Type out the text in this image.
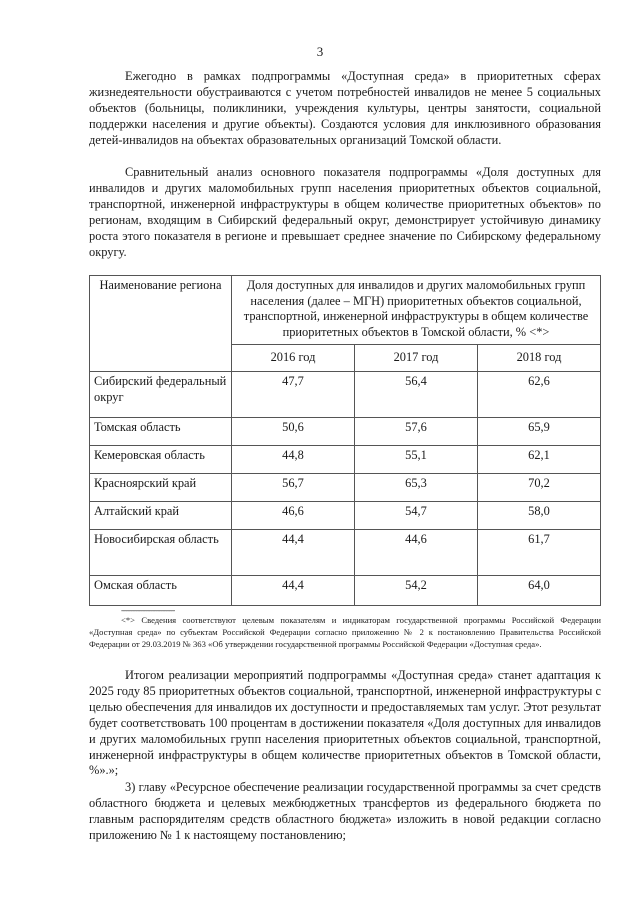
3

Ежегодно в рамках подпрограммы «Доступная среда» в приоритетных сферах жизнедеятельности обустраиваются с учетом потребностей инвалидов не менее 5 социальных объектов (больницы, поликлиники, учреждения культуры, центры занятости, социальной поддержки населения и другие объекты). Создаются условия для инклюзивного образования детей-инвалидов на объектах образовательных организаций Томской области.

Сравнительный анализ основного показателя подпрограммы «Доля доступных для инвалидов и других маломобильных групп населения приоритетных объектов социальной, транспортной, инженерной инфраструктуры в общем количестве приоритетных объектов» по регионам, входящим в Сибирский федеральный округ, демонстрирует устойчивую динамику роста этого показателя в регионе и превышает среднее значение по Сибирскому федеральному округу.

Наименование региона	Доля доступных для инвалидов и других маломобильных групп населения (далее – МГН) приоритетных объектов социальной, транспортной, инженерной инфраструктуры в общем количестве приоритетных объектов в Томской области, % <*>		
	2016 год	2017 год	2018 год
Сибирский федеральный округ	47,7	56,4	62,6
Томская область	50,6	57,6	65,9
Кемеровская область	44,8	55,1	62,1
Красноярский край	56,7	65,3	70,2
Алтайский край	46,6	54,7	58,0
Новосибирская область	44,4	44,6	61,7
Омская область	44,4	54,2	64,0
--------------------------------

<*> Сведения соответствуют целевым показателям и индикаторам государственной программы Российской Федерации «Доступная среда» по субъектам Российской Федерации согласно приложению № 2 к постановлению Правительства Российской Федерации от 29.03.2019 № 363 «Об утверждении государственной программы Российской Федерации «Доступная среда».

Итогом реализации мероприятий подпрограммы «Доступная среда» станет адаптация к 2025 году 85 приоритетных объектов социальной, транспортной, инженерной инфраструктуры с целью обеспечения для инвалидов их доступности и предоставляемых там услуг. Этот результат будет соответствовать 100 процентам в достижении показателя «Доля доступных для инвалидов и других маломобильных групп населения приоритетных объектов социальной, транспортной, инженерной инфраструктуры в общем количестве приоритетных объектов в Томской области, %».»;

3) главу «Ресурсное обеспечение реализации государственной программы за счет средств областного бюджета и целевых межбюджетных трансфертов из федерального бюджета по главным распорядителям средств областного бюджета» изложить в новой редакции согласно приложению № 1 к настоящему постановлению;
